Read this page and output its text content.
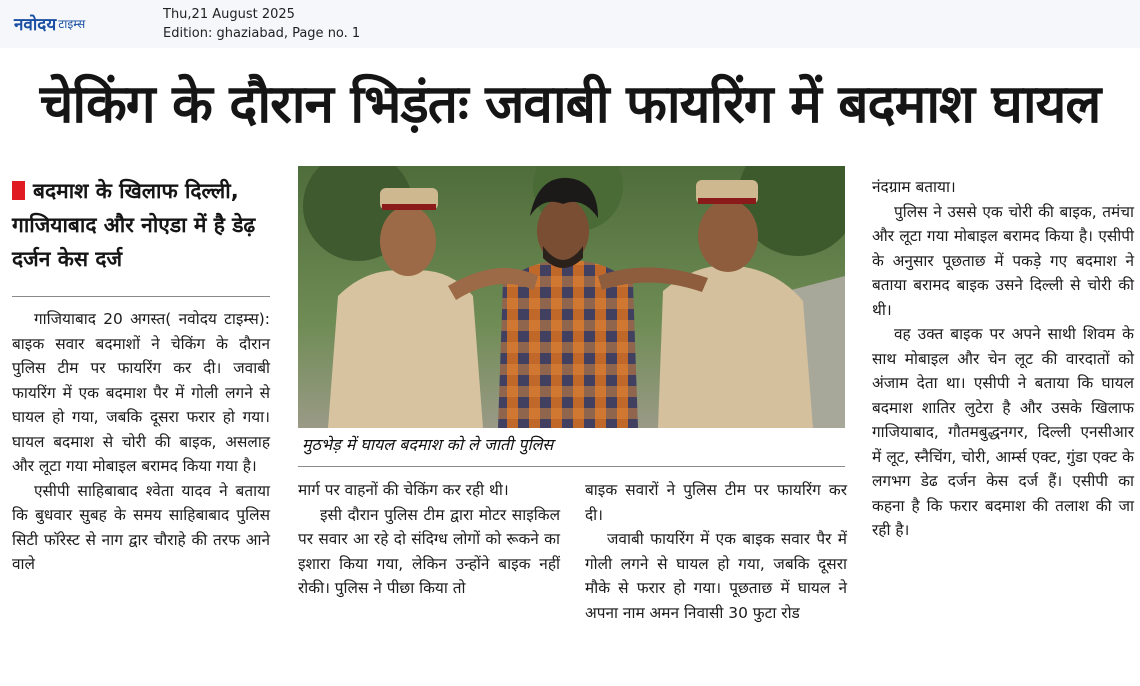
नवोदय टाइम्स
Thu,21 August 2025
Edition: ghaziabad, Page no. 1
चेकिंग के दौरान भिड़ंतः जवाबी फायरिंग में बदमाश घायल
बदमाश के खिलाफ दिल्ली, गाजियाबाद और नोएडा में है डेढ़ दर्जन केस दर्ज

गाजियाबाद 20 अगस्त( नवोदय टाइम्स): बाइक सवार बदमाशों ने चेकिंग के दौरान पुलिस टीम पर फायरिंग कर दी। जवाबी फायरिंग में एक बदमाश पैर में गोली लगने से घायल हो गया, जबकि दूसरा फरार हो गया। घायल बदमाश से चोरी की बाइक, असलाह और लूटा गया मोबाइल बरामद किया गया है।

एसीपी साहिबाबाद श्वेता यादव ने बताया कि बुधवार सुबह के समय साहिबाबाद पुलिस सिटी फॉरेस्ट से नाग द्वार चौराहे की तरफ आने वाले

मुठभेड़ में घायल बदमाश को ले जाती पुलिस

मार्ग पर वाहनों की चेकिंग कर रही थी।

इसी दौरान पुलिस टीम द्वारा मोटर साइकिल पर सवार आ रहे दो संदिग्ध लोगों को रूकने का इशारा किया गया, लेकिन उन्होंने बाइक नहीं रोकी। पुलिस ने पीछा किया तो

बाइक सवारों ने पुलिस टीम पर फायरिंग कर दी।

जवाबी फायरिंग में एक बाइक सवार पैर में गोली लगने से घायल हो गया, जबकि दूसरा मौके से फरार हो गया। पूछताछ में घायल ने अपना नाम अमन निवासी 30 फुटा रोड

नंदग्राम बताया।

पुलिस ने उससे एक चोरी की बाइक, तमंचा और लूटा गया मोबाइल बरामद किया है। एसीपी के अनुसार पूछताछ में पकड़े गए बदमाश ने बताया बरामद बाइक उसने दिल्ली से चोरी की थी।

वह उक्त बाइक पर अपने साथी शिवम के साथ मोबाइल और चेन लूट की वारदातों को अंजाम देता था। एसीपी ने बताया कि घायल बदमाश शातिर लुटेरा है और उसके खिलाफ गाजियाबाद, गौतमबुद्धनगर, दिल्ली एनसीआर में लूट, स्नैचिंग, चोरी, आर्म्स एक्ट, गुंडा एक्ट के लगभग डेढ दर्जन केस दर्ज हैं। एसीपी का कहना है कि फरार बदमाश की तलाश की जा रही है।
